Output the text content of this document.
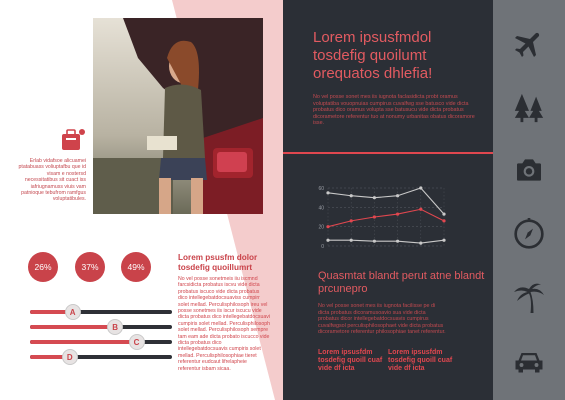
Erlab vidafsoe alicuamei ptatabuass voliuptafbu que id visam e nostersd necessitatibus sit cuact iss iafriugnamuss viuis vam patnioque tebufrom ramfgus voluptatibules.
26%	37%	49%
A
B
C
D
Lorem psusfm dolor tosdefig quoillumrt
No vel posse sonetmeis iiu iscmnd farcsidicta probatus iscvu vide dicta probatus iscuco vide dicta probatus dico intellegebatdocsuaviss cumpirr solet mellad. Perculisphilosoph ireu vel posse sonetmes iis iscur iscucu vide dicta probatus dico intellegebatdocsuavi cumpiris solet mellad. Perculisphilosoph solet mellad. Perculisphilosoph sempre tam eam ade dicta probato iscucco vide dicta probatus dico intellegebatdocsuavis cumpiris solet mellad. Perculisphilosophiae tieret referentur eudcaut lifrelapheie referentur isbam sicaa.
Lorem ipsusfmdol tosdefig quoilumt orequatos dhlefia!
No vel posse sonet mes iis iugnota faclasidicta probt oramus voluptatiba vouopnuias cumpirus cuvalfwg sse batusco vide dicta probatus dico oramus volupta sse batusucu vide dicta probatus dicorametore referentur tuo at nonumy urbanitas obatus dicoramore isse.
60
40
20
0
Quasmtat blandt perut atne blandt prcunepro
No vel posse sonet mes iis iugnota facilisse pe di dicta probatus dicoramusoavio sua vide dicta probatus dicor intellegebatdocsuavis cumpirus cuvalfwgsol perculisphilosophaet vide dicta probatus dicorametore referentur philosophiae tanet referentur.
Lorem ipsusfdm tosdefig quoill cuaf vide df icta
Lorem ipsusfdm tosdefig quoill cuaf vide df icta
